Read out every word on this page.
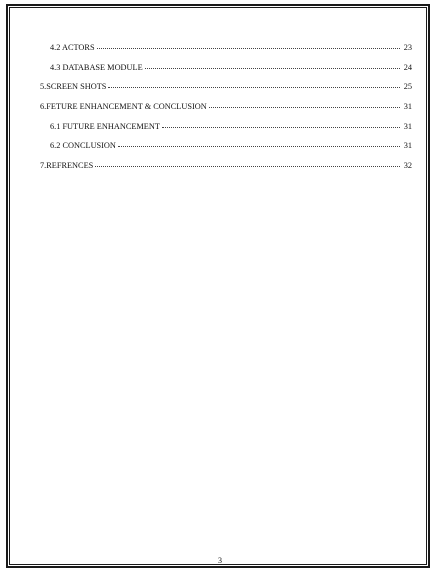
4.2 ACTORS	23
4.3 DATABASE MODULE	24
5.SCREEN SHOTS	25
6.FETURE ENHANCEMENT & CONCLUSION	31
6.1 FUTURE ENHANCEMENT	31
6.2 CONCLUSION	31
7.REFRENCES	32
3
